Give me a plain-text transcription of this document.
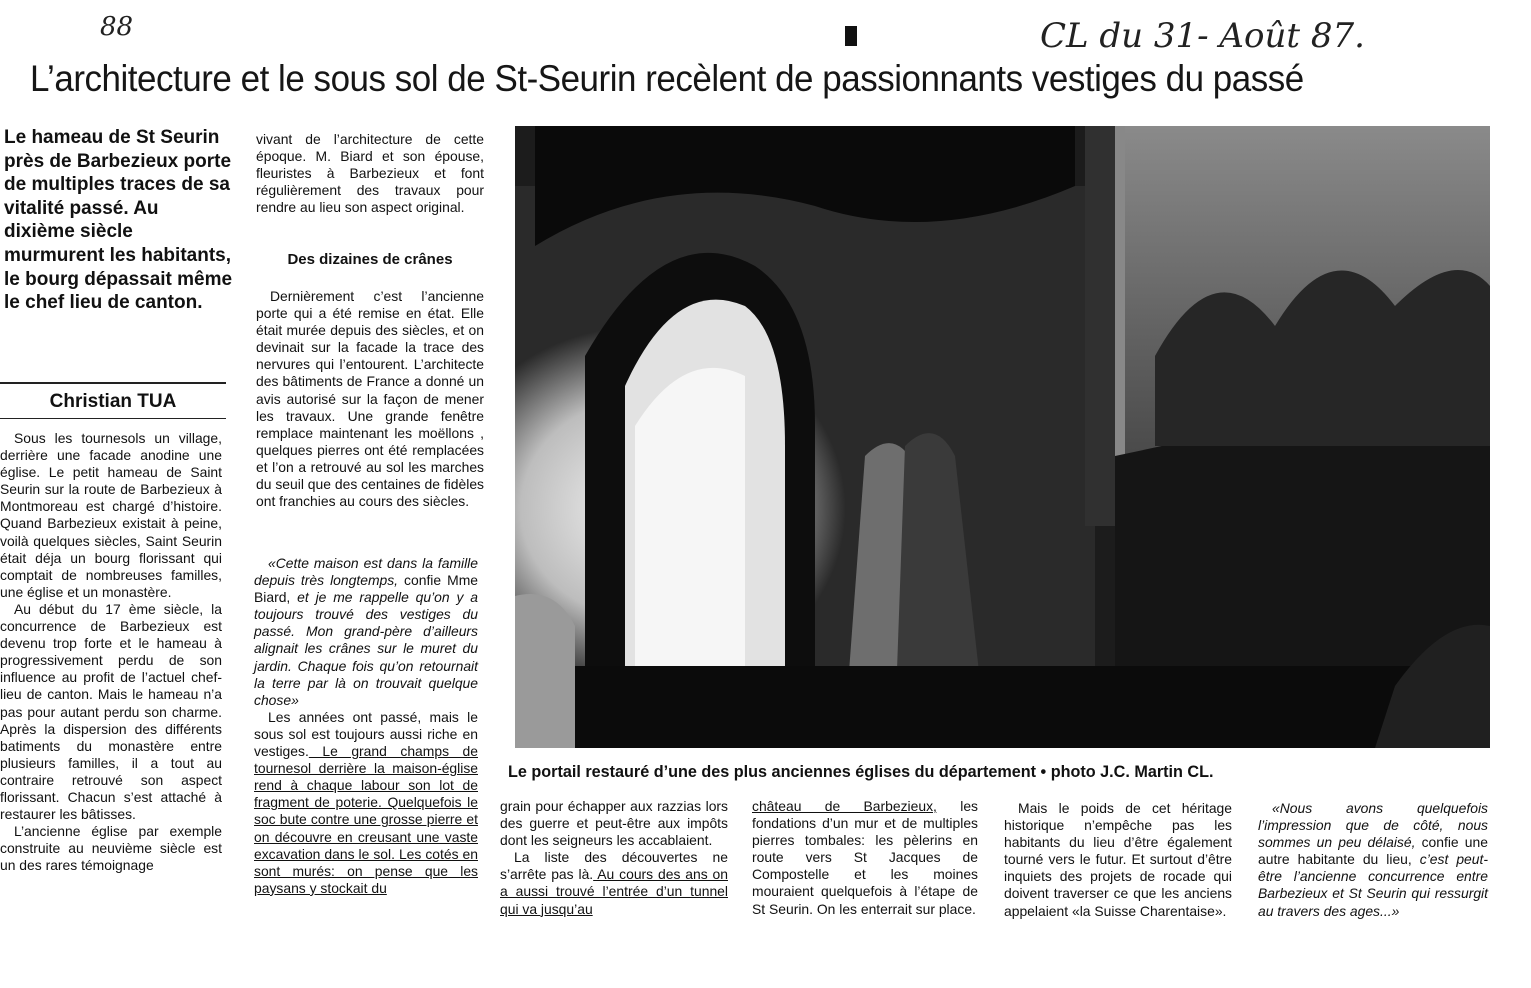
88	CL du 31- Août 87.
L’architecture et le sous sol de St-Seurin recèlent de passionnants vestiges du passé
Le hameau de St Seurin près de Barbezieux porte de multiples traces de sa vitalité passé. Au dixième siècle murmurent les habitants, le bourg dépassait même le chef lieu de canton.
Christian TUA

Sous les tournesols un village, derrière une facade anodine une église. Le petit hameau de Saint Seurin sur la route de Barbezieux à Montmoreau est chargé d’histoire. Quand Barbezieux existait à peine, voilà quelques siècles, Saint Seurin était déja un bourg florissant qui comptait de nombreuses familles, une église et un monastère.

Au début du 17 ème siècle, la concurrence de Barbezieux est devenu trop forte et le hameau à progressivement perdu de son influence au profit de l’actuel chef-lieu de canton. Mais le hameau n’a pas pour autant perdu son charme. Après la dispersion des différents batiments du monastère entre plusieurs familles, il a tout au contraire retrouvé son aspect florissant. Chacun s’est attaché à restaurer les bâtisses.

L’ancienne église par exemple construite au neuvième siècle est un des rares témoignage

vivant de l’architecture de cette époque. M. Biard et son épouse, fleuristes à Barbezieux et font régulièrement des travaux pour rendre au lieu son aspect original.

Des dizaines de crânes

Dernièrement c’est l’ancienne porte qui a été remise en état. Elle était murée depuis des siècles, et on devinait sur la facade la trace des nervures qui l’entourent. L’architecte des bâtiments de France a donné un avis autorisé sur la façon de mener les travaux. Une grande fenêtre remplace maintenant les moëllons , quelques pierres ont été remplacées et l’on a retrouvé au sol les marches du seuil que des centaines de fidèles ont franchies au cours des siècles.

«Cette maison est dans la famille depuis très longtemps, confie Mme Biard, et je me rappelle qu’on y a toujours trouvé des vestiges du passé. Mon grand-père d’ailleurs alignait les crânes sur le muret du jardin. Chaque fois qu’on retournait la terre par là on trouvait quelque chose»

Les années ont passé, mais le sous sol est toujours aussi riche en vestiges. Le grand champs de tournesol derrière la maison-église rend à chaque labour son lot de fragment de poterie. Quelquefois le soc bute contre une grosse pierre et on découvre en creusant une vaste excavation dans le sol. Les cotés en sont murés: on pense que les paysans y stockait du

Le portail restauré d’une des plus anciennes églises du département • photo J.C. Martin CL.

grain pour échapper aux razzias lors des guerre et peut-être aux impôts dont les seigneurs les accablaient.

La liste des découvertes ne s’arrête pas là. Au cours des ans on a aussi trouvé l’entrée d’un tunnel qui va jusqu’au

château de Barbezieux, les fondations d’un mur et de multiples pierres tombales: les pèlerins en route vers St Jacques de Compostelle et les moines mouraient quelquefois à l’étape de St Seurin. On les enterrait sur place.

Mais le poids de cet héritage historique n’empêche pas les habitants du lieu d’être également tourné vers le futur. Et surtout d’être inquiets des projets de rocade qui doivent traverser ce que les anciens appelaient «la Suisse Charentaise».

«Nous avons quelquefois l’impression que de côté, nous sommes un peu délaisé, confie une autre habitante du lieu, c’est peut-être l’ancienne concurrence entre Barbezieux et St Seurin qui ressurgit au travers des ages...»
